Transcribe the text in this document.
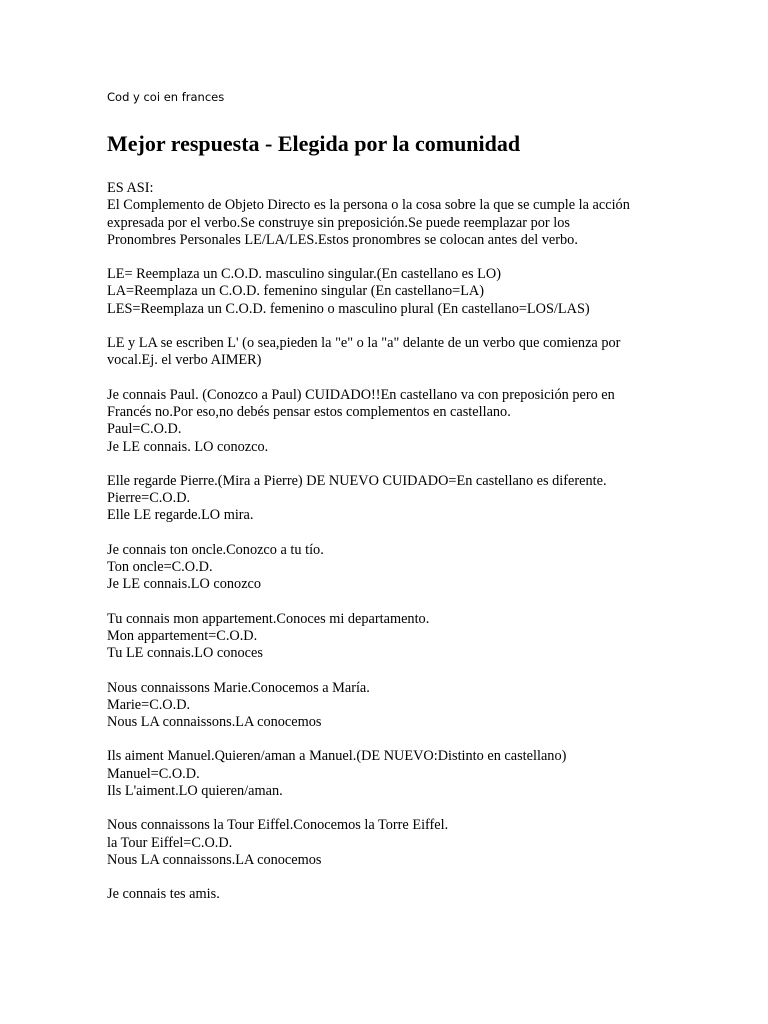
Cod y coi en frances

Mejor respuesta - Elegida por la comunidad

ES ASI:
El Complemento de Objeto Directo es la persona o la cosa sobre la que se cumple la acción
expresada por el verbo.Se construye sin preposición.Se puede reemplazar por los
Pronombres Personales LE/LA/LES.Estos pronombres se colocan antes del verbo.

LE= Reemplaza un C.O.D. masculino singular.(En castellano es LO)
LA=Reemplaza un C.O.D. femenino singular (En castellano=LA)
LES=Reemplaza un C.O.D. femenino o masculino plural (En castellano=LOS/LAS)

LE y LA se escriben L' (o sea,pieden la "e" o la "a" delante de un verbo que comienza por
vocal.Ej. el verbo AIMER)

Je connais Paul. (Conozco a Paul) CUIDADO!!En castellano va con preposición pero en
Francés no.Por eso,no debés pensar estos complementos en castellano.
Paul=C.O.D.
Je LE connais. LO conozco.

Elle regarde Pierre.(Mira a Pierre) DE NUEVO CUIDADO=En castellano es diferente.
Pierre=C.O.D.
Elle LE regarde.LO mira.

Je connais ton oncle.Conozco a tu tío.
Ton oncle=C.O.D.
Je LE connais.LO conozco

Tu connais mon appartement.Conoces mi departamento.
Mon appartement=C.O.D.
Tu LE connais.LO conoces

Nous connaissons Marie.Conocemos a María.
Marie=C.O.D.
Nous LA connaissons.LA conocemos

Ils aiment Manuel.Quieren/aman a Manuel.(DE NUEVO:Distinto en castellano)
Manuel=C.O.D.
Ils L'aiment.LO quieren/aman.

Nous connaissons la Tour Eiffel.Conocemos la Torre Eiffel.
la Tour Eiffel=C.O.D.
Nous LA connaissons.LA conocemos

Je connais tes amis.
